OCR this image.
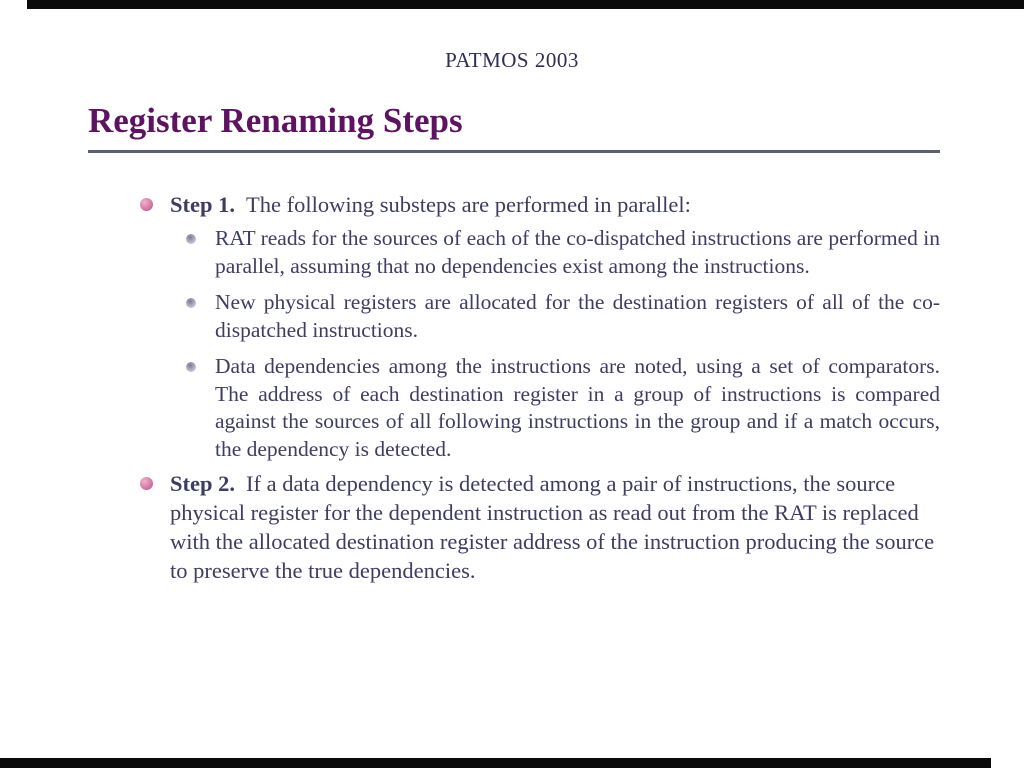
PATMOS 2003
Register Renaming Steps
Step 1. The following substeps are performed in parallel:
RAT reads for the sources of each of the co-dispatched instructions are performed in parallel, assuming that no dependencies exist among the instructions.
New physical registers are allocated for the destination registers of all of the co-dispatched instructions.
Data dependencies among the instructions are noted, using a set of comparators. The address of each destination register in a group of instructions is compared against the sources of all following instructions in the group and if a match occurs, the dependency is detected.
Step 2. If a data dependency is detected among a pair of instructions, the source physical register for the dependent instruction as read out from the RAT is replaced with the allocated destination register address of the instruction producing the source to preserve the true dependencies.
